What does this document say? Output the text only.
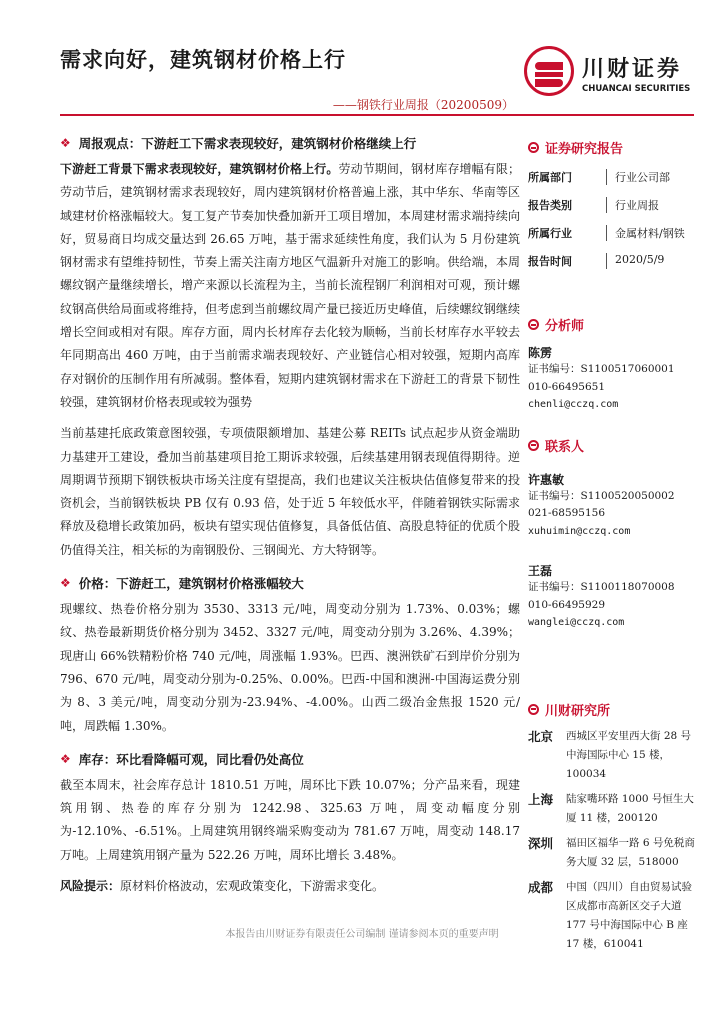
需求向好，建筑钢材价格上行
——钢铁行业周报（20200509）
川财证券
CHUANCAI SECURITIES
❖ 周报观点：下游赶工下需求表现较好，建筑钢材价格继续上行

下游赶工背景下需求表现较好，建筑钢材价格上行。劳动节期间，钢材库存增幅有限；劳动节后，建筑钢材需求表现较好，周内建筑钢材价格普遍上涨，其中华东、华南等区域建材价格涨幅较大。复工复产节奏加快叠加新开工项目增加，本周建材需求端持续向好，贸易商日均成交量达到 26.65 万吨，基于需求延续性角度，我们认为 5 月份建筑钢材需求有望维持韧性，节奏上需关注南方地区气温新升对施工的影响。供给端，本周螺纹钢产量继续增长，增产来源以长流程为主，当前长流程钢厂利润相对可观，预计螺纹钢高供给局面或将维持，但考虑到当前螺纹周产量已接近历史峰值，后续螺纹钢继续增长空间或相对有限。库存方面，周内长材库存去化较为顺畅，当前长材库存水平较去年同期高出 460 万吨，由于当前需求端表现较好、产业链信心相对较强，短期内高库存对钢价的压制作用有所减弱。整体看，短期内建筑钢材需求在下游赶工的背景下韧性较强，建筑钢材价格表现或较为强势

当前基建托底政策意图较强，专项债限额增加、基建公募 REITs 试点起步从资金端助力基建开工建设，叠加当前基建项目抢工期诉求较强，后续基建用钢表现值得期待。逆周期调节预期下钢铁板块市场关注度有望提高，我们也建议关注板块估值修复带来的投资机会，当前钢铁板块 PB 仅有 0.93 倍，处于近 5 年较低水平，伴随着钢铁实际需求释放及稳增长政策加码，板块有望实现估值修复，具备低估值、高股息特征的优质个股仍值得关注，相关标的为南钢股份、三钢闽光、方大特钢等。

❖ 价格：下游赶工，建筑钢材价格涨幅较大

现螺纹、热卷价格分别为 3530、3313 元/吨，周变动分别为 1.73%、0.03%；螺纹、热卷最新期货价格分别为 3452、3327 元/吨，周变动分别为 3.26%、4.39%；现唐山 66%铁精粉价格 740 元/吨，周涨幅 1.93%。巴西、澳洲铁矿石到岸价分别为 796、670 元/吨，周变动分别为-0.25%、0.00%。巴西-中国和澳洲-中国海运费分别为 8、3 美元/吨，周变动分别为-23.94%、-4.00%。山西二级冶金焦报 1520 元/吨，周跌幅 1.30%。

❖ 库存：环比看降幅可观，同比看仍处高位

截至本周末，社会库存总计 1810.51 万吨，周环比下跌 10.07%；分产品来看，现建筑用钢、热卷的库存分别为 1242.98、325.63 万吨，周变动幅度分别为-12.10%、-6.51%。上周建筑用钢终端采购变动为 781.67 万吨，周变动 148.17 万吨。上周建筑用钢产量为 522.26 万吨，周环比增长 3.48%。

风险提示：原材料价格波动，宏观政策变化，下游需求变化。

证券研究报告
所属部门	行业公司部
报告类别	行业周报
所属行业	金属材料/钢铁
报告时间	2020/5/9
分析师
陈雳
证书编号：S1100517060001
010-66495651
chenli@cczq.com
联系人
许惠敏
证书编号：S1100520050002
021-68595156
xuhuimin@cczq.com
王磊
证书编号：S1100118070008
010-66495929
wanglei@cczq.com
川财研究所
北京	西城区平安里西大街 28 号中海国际中心 15 楼，100034
上海	陆家嘴环路 1000 号恒生大厦 11 楼，200120
深圳	福田区福华一路 6 号免税商务大厦 32 层，518000
成都	中国（四川）自由贸易试验区成都市高新区交子大道 177 号中海国际中心 B 座 17 楼，610041
本报告由川财证券有限责任公司编制 谨请参阅本页的重要声明
